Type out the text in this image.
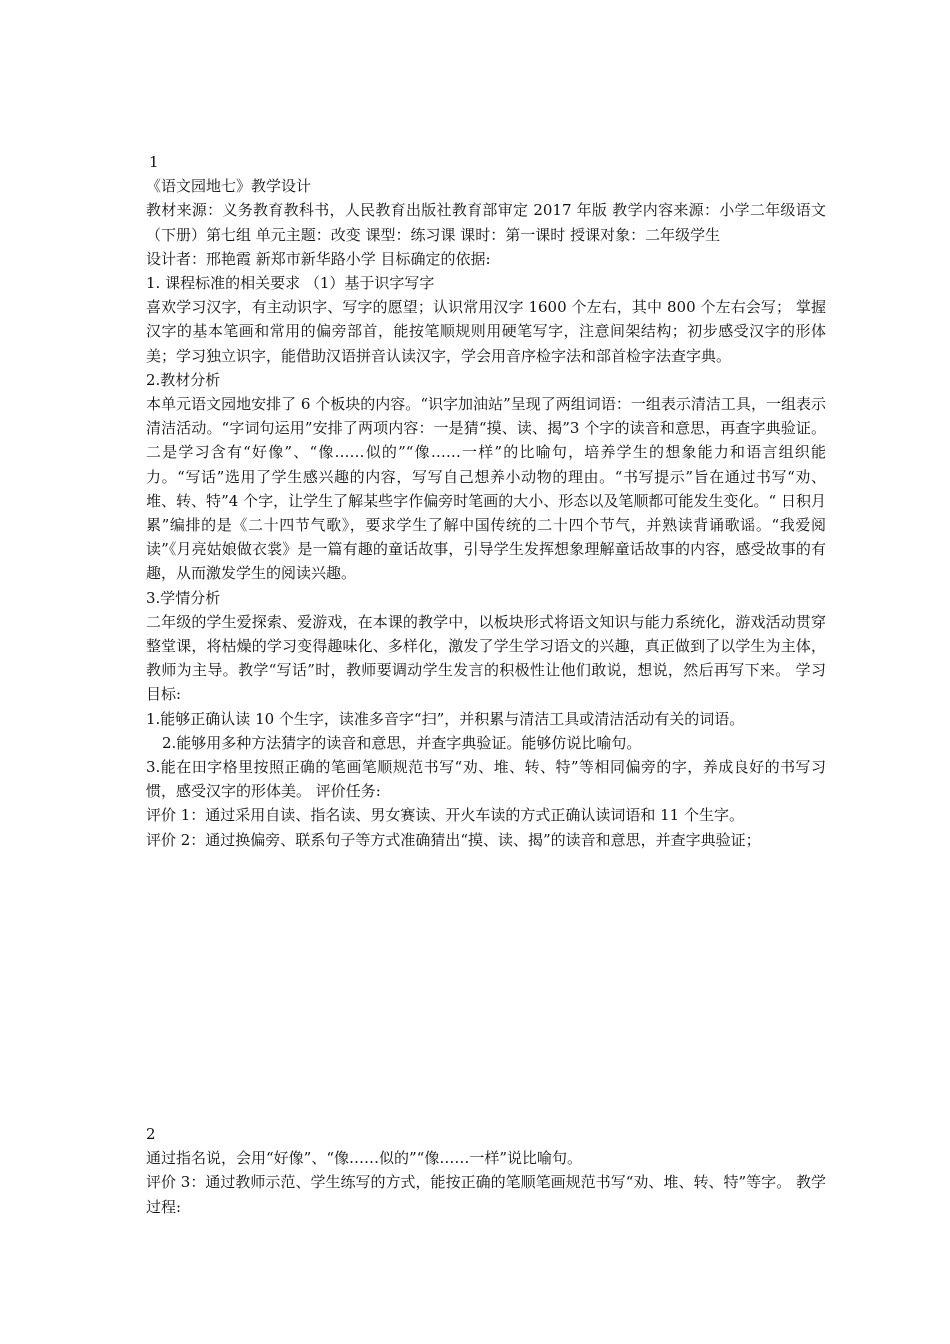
1

《语文园地七》教学设计

教材来源：义务教育教科书，人民教育出版社教育部审定 2017 年版 教学内容来源：小学二年级语文（下册）第七组 单元主题：改变 课型：练习课 课时：第一课时 授课对象：二年级学生

设计者：邢艳霞 新郑市新华路小学 目标确定的依据:

1. 课程标准的相关要求 （1）基于识字写字

喜欢学习汉字，有主动识字、写字的愿望；认识常用汉字 1600 个左右，其中 800 个左右会写； 掌握汉字的基本笔画和常用的偏旁部首，能按笔顺规则用硬笔写字，注意间架结构；初步感受汉字的形体美；学习独立识字，能借助汉语拼音认读汉字，学会用音序检字法和部首检字法查字典。

2.教材分析

本单元语文园地安排了 6 个板块的内容。“识字加油站”呈现了两组词语：一组表示清洁工具，一组表示清洁活动。“字词句运用”安排了两项内容：一是猜“摸、读、揭”3 个字的读音和意思，再查字典验证。二是学习含有“好像”、“像……似的”“像……一样”的比喻句，培养学生的想象能力和语言组织能力。“写话”选用了学生感兴趣的内容，写写自己想养小动物的理由。“书写提示”旨在通过书写“劝、堆、转、特”4 个字，让学生了解某些字作偏旁时笔画的大小、形态以及笔顺都可能发生变化。“ 日积月累”编排的是《二十四节气歌》，要求学生了解中国传统的二十四个节气，并熟读背诵歌谣。“我爱阅读”《月亮姑娘做衣裳》是一篇有趣的童话故事，引导学生发挥想象理解童话故事的内容，感受故事的有趣，从而激发学生的阅读兴趣。

3.学情分析

二年级的学生爱探索、爱游戏，在本课的教学中，以板块形式将语文知识与能力系统化，游戏活动贯穿整堂课，将枯燥的学习变得趣味化、多样化，激发了学生学习语文的兴趣，真正做到了以学生为主体，教师为主导。教学“写话”时，教师要调动学生发言的积极性让他们敢说，想说，然后再写下来。 学习目标:

1.能够正确认读 10 个生字，读准多音字“扫”，并积累与清洁工具或清洁活动有关的词语。

2.能够用多种方法猜字的读音和意思，并查字典验证。能够仿说比喻句。

3.能在田字格里按照正确的笔画笔顺规范书写“劝、堆、转、特”等相同偏旁的字，养成良好的书写习惯，感受汉字的形体美。 评价任务:

评价 1：通过采用自读、指名读、男女赛读、开火车读的方式正确认读词语和 11 个生字。

评价 2：通过换偏旁、联系句子等方式准确猜出“摸、读、揭”的读音和意思，并查字典验证；

2

通过指名说，会用“好像”、“像……似的”“像……一样”说比喻句。

评价 3：通过教师示范、学生练写的方式，能按正确的笔顺笔画规范书写“劝、堆、转、特”等字。 教学过程:
